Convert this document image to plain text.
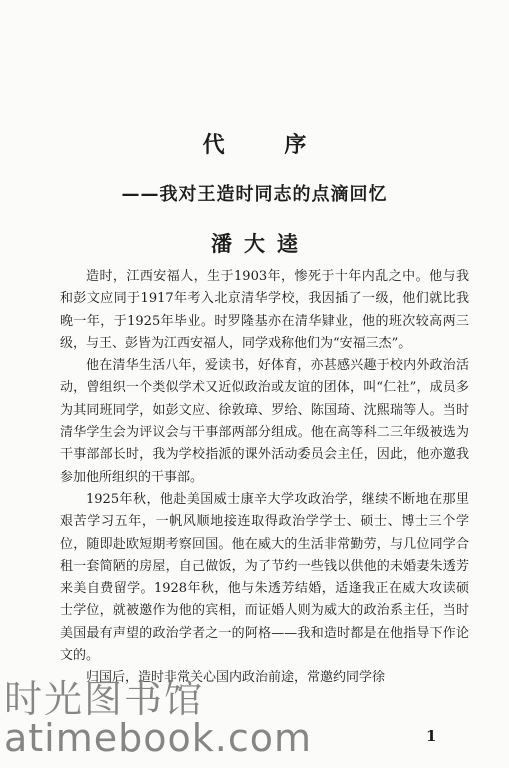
代 序
——我对王造时同志的点滴回忆
潘大逵

造时，江西安福人，生于1903年，惨死于十年内乱之中。他与我和彭文应同于1917年考入北京清华学校，我因插了一级，他们就比我晚一年，于1925年毕业。时罗隆基亦在清华肄业，他的班次较高两三级，与王、彭皆为江西安福人，同学戏称他们为“安福三杰”。

他在清华生活八年，爱读书，好体育，亦甚感兴趣于校内外政治活动，曾组织一个类似学术又近似政治或友谊的团体，叫“仁社”，成员多为其同班同学，如彭文应、徐敦璋、罗给、陈国琦、沈熙瑞等人。当时清华学生会为评议会与干事部两部分组成。他在高等科二三年级被选为干事部部长时，我为学校指派的课外活动委员会主任，因此，他亦邀我参加他所组织的干事部。

1925年秋，他赴美国威士康辛大学攻政治学，继续不断地在那里艰苦学习五年，一帆风顺地接连取得政治学学士、硕士、博士三个学位，随即赴欧短期考察回国。他在威大的生活非常勤劳，与几位同学合租一套简陋的房屋，自己做饭，为了节约一些钱以供他的未婚妻朱透芳来美自费留学。1928年秋，他与朱透芳结婚，适逢我正在威大攻读硕士学位，就被邀作为他的宾相，而证婚人则为威大的政治系主任，当时美国最有声望的政治学者之一的阿格——我和造时都是在他指导下作论文的。

归国后，造时非常关心国内政治前途，常邀约同学徐

1
时光图书馆
atimebook.com
